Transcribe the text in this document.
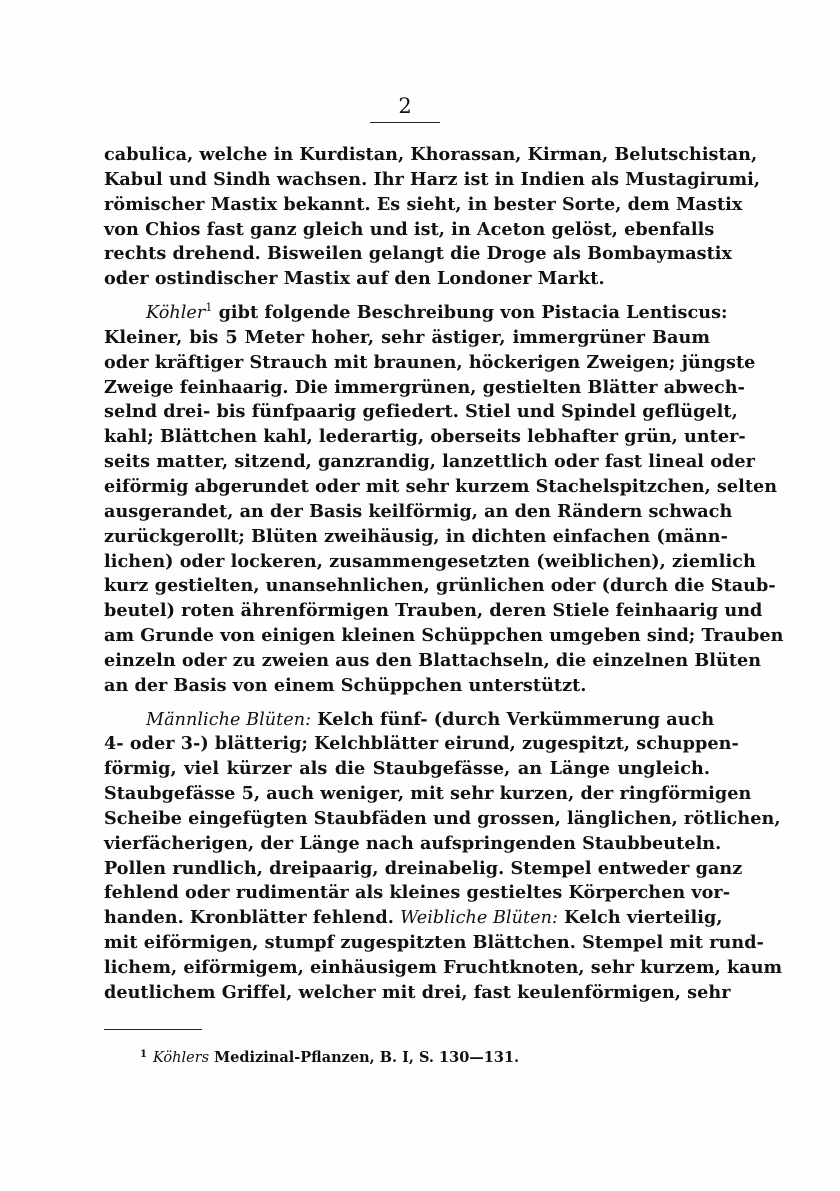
2

cabulica, welche in Kurdistan, Khorassan, Kirman, Belutschistan,
Kabul und Sindh wachsen. Ihr Harz ist in Indien als Mustagirumi,
römischer Mastix bekannt. Es sieht, in bester Sorte, dem Mastix
von Chios fast ganz gleich und ist, in Aceton gelöst, ebenfalls
rechts drehend. Bisweilen gelangt die Droge als Bombaymastix
oder ostindischer Mastix auf den Londoner Markt.

Köhler$^1$ gibt folgende Beschreibung von Pistacia Lentiscus:
Kleiner, bis 5 Meter hoher, sehr ästiger, immergrüner Baum
oder kräftiger Strauch mit braunen, höckerigen Zweigen; jüngste
Zweige feinhaarig. Die immergrünen, gestielten Blätter abwech-
selnd drei- bis fünfpaarig gefiedert. Stiel und Spindel geflügelt,
kahl; Blättchen kahl, lederartig, oberseits lebhafter grün, unter-
seits matter, sitzend, ganzrandig, lanzettlich oder fast lineal oder
eiförmig abgerundet oder mit sehr kurzem Stachelspitzchen, selten
ausgerandet, an der Basis keilförmig, an den Rändern schwach
zurückgerollt; Blüten zweihäusig, in dichten einfachen (männ-
lichen) oder lockeren, zusammengesetzten (weiblichen), ziemlich
kurz gestielten, unansehnlichen, grünlichen oder (durch die Staub-
beutel) roten ährenförmigen Trauben, deren Stiele feinhaarig und
am Grunde von einigen kleinen Schüppchen umgeben sind; Trauben
einzeln oder zu zweien aus den Blattachseln, die einzelnen Blüten
an der Basis von einem Schüppchen unterstützt.

Männliche Blüten: Kelch fünf- (durch Verkümmerung auch
4- oder 3-) blätterig; Kelchblätter eirund, zugespitzt, schuppen-
förmig, viel kürzer als die Staubgefässe, an Länge ungleich.
Staubgefässe 5, auch weniger, mit sehr kurzen, der ringförmigen
Scheibe eingefügten Staubfäden und grossen, länglichen, rötlichen,
vierfächerigen, der Länge nach aufspringenden Staubbeuteln.
Pollen rundlich, dreipaarig, dreinabelig. Stempel entweder ganz
fehlend oder rudimentär als kleines gestieltes Körperchen vor-
handen. Kronblätter fehlend. Weibliche Blüten: Kelch vierteilig,
mit eiförmigen, stumpf zugespitzten Blättchen. Stempel mit rund-
lichem, eiförmigem, einhäusigem Fruchtknoten, sehr kurzem, kaum
deutlichem Griffel, welcher mit drei, fast keulenförmigen, sehr

$^1$ Köhlers Medizinal-Pflanzen, B. I, S. 130—131.
